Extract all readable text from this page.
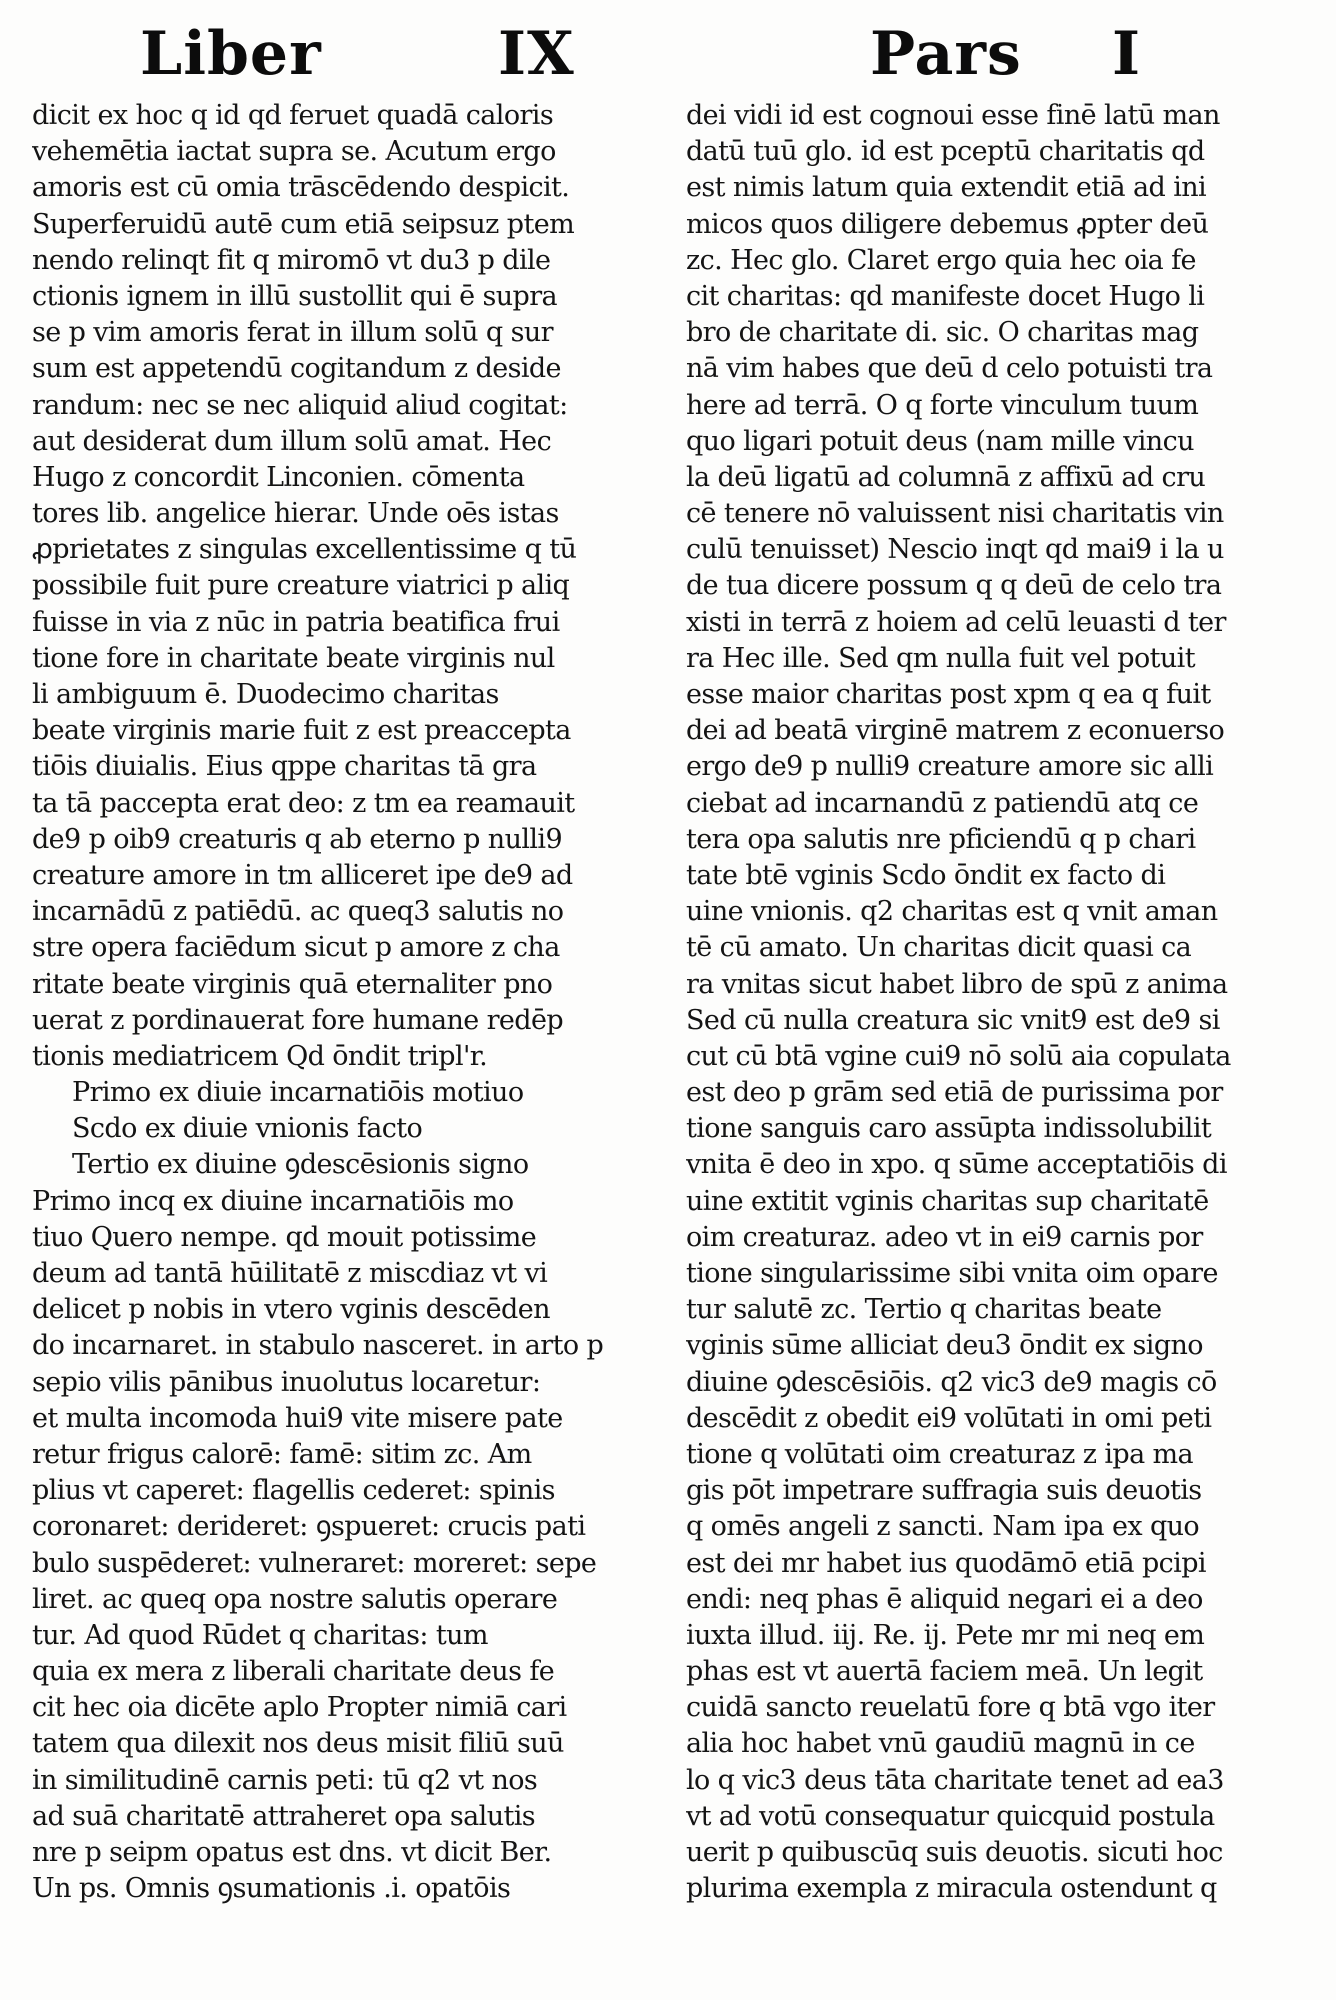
Liber	IX	Pars I
dicit ex hoc q id qd feruet quadā caloris
vehemētia iactat supra se. Acutum ergo
amoris est cū omia trāscēdendo despicit.
Superferuidū autē cum etiā seipsuz ptem
nendo relinqt fit q miromō vt du3 p dile
ctionis ignem in illū sustollit qui ē supra
se p vim amoris ferat in illum solū q sur
sum est appetendū cogitandum z deside
randum: nec se nec aliquid aliud cogitat:
aut desiderat dum illum solū amat. Hec
Hugo z concordit Linconien. cōmenta
tores lib. angelice hierar. Unde oēs istas
ꝓprietates z singulas excellentissime q tū
possibile fuit pure creature viatrici p aliq
fuisse in via z nūc in patria beatifica frui
tione fore in charitate beate virginis nul
li ambiguum ē. Duodecimo charitas
beate virginis marie fuit z est preaccepta
tiōis diuialis. Eius qppe charitas tā gra
ta tā paccepta erat deo: z tm ea reamauit
de9 p oib9 creaturis q ab eterno p nulli9
creature amore in tm alliceret ipe de9 ad
incarnādū z patiēdū. ac queq3 salutis no
stre opera faciēdum sicut p amore z cha
ritate beate virginis quā eternaliter pno
uerat z pordinauerat fore humane redēp
tionis mediatricem Qd ōndit tripl'r.
Primo ex diuie incarnatiōis motiuo
Scdo ex diuie vnionis facto
Tertio ex diuine ꝯdescēsionis signo
Primo incq ex diuine incarnatiōis mo
tiuo Quero nempe. qd mouit potissime
deum ad tantā hūilitatē z miscdiaz vt vi
delicet p nobis in vtero vginis descēden
do incarnaret. in stabulo nasceret. in arto p
sepio vilis pānibus inuolutus locaretur:
et multa incomoda hui9 vite misere pate
retur frigus calorē: famē: sitim zc. Am
plius vt caperet: flagellis cederet: spinis
coronaret: derideret: ꝯspueret: crucis pati
bulo suspēderet: vulneraret: moreret: sepe
liret. ac queq opa nostre salutis operare
tur. Ad quod Rūdet q charitas: tum
quia ex mera z liberali charitate deus fe
cit hec oia dicēte aplo Propter nimiā cari
tatem qua dilexit nos deus misit filiū suū
in similitudinē carnis peti: tū q2 vt nos
ad suā charitatē attraheret opa salutis
nre p seipm opatus est dns. vt dicit Ber.
Un ps. Omnis ꝯsumationis .i. opatōis
dei vidi id est cognoui esse finē latū man
datū tuū glo. id est pceptū charitatis qd
est nimis latum quia extendit etiā ad ini
micos quos diligere debemus ꝓpter deū
zc. Hec glo. Claret ergo quia hec oia fe
cit charitas: qd manifeste docet Hugo li
bro de charitate di. sic. O charitas mag
nā vim habes que deū d celo potuisti tra
here ad terrā. O q forte vinculum tuum
quo ligari potuit deus (nam mille vincu
la deū ligatū ad columnā z affixū ad cru
cē tenere nō valuissent nisi charitatis vin
culū tenuisset) Nescio inqt qd mai9 i la u
de tua dicere possum q q deū de celo tra
xisti in terrā z hoiem ad celū leuasti d ter
ra Hec ille. Sed qm nulla fuit vel potuit
esse maior charitas post xpm q ea q fuit
dei ad beatā virginē matrem z econuerso
ergo de9 p nulli9 creature amore sic alli
ciebat ad incarnandū z patiendū atq ce
tera opa salutis nre pficiendū q p chari
tate btē vginis Scdo ōndit ex facto di
uine vnionis. q2 charitas est q vnit aman
tē cū amato. Un charitas dicit quasi ca
ra vnitas sicut habet libro de spū z anima
Sed cū nulla creatura sic vnit9 est de9 si
cut cū btā vgine cui9 nō solū aia copulata
est deo p grām sed etiā de purissima por
tione sanguis caro assūpta indissolubilit
vnita ē deo in xpo. q sūme acceptatiōis di
uine extitit vginis charitas sup charitatē
oim creaturaz. adeo vt in ei9 carnis por
tione singularissime sibi vnita oim opare
tur salutē zc. Tertio q charitas beate
vginis sūme alliciat deu3 ōndit ex signo
diuine ꝯdescēsiōis. q2 vic3 de9 magis cō
descēdit z obedit ei9 volūtati in omi peti
tione q volūtati oim creaturaz z ipa ma
gis pōt impetrare suffragia suis deuotis
q omēs angeli z sancti. Nam ipa ex quo
est dei mr habet ius quodāmō etiā pcipi
endi: neq phas ē aliquid negari ei a deo
iuxta illud. iij. Re. ij. Pete mr mi neq em
phas est vt auertā faciem meā. Un legit
cuidā sancto reuelatū fore q btā vgo iter
alia hoc habet vnū gaudiū magnū in ce
lo q vic3 deus tāta charitate tenet ad ea3
vt ad votū consequatur quicquid postula
uerit p quibuscūq suis deuotis. sicuti hoc
plurima exempla z miracula ostendunt q
